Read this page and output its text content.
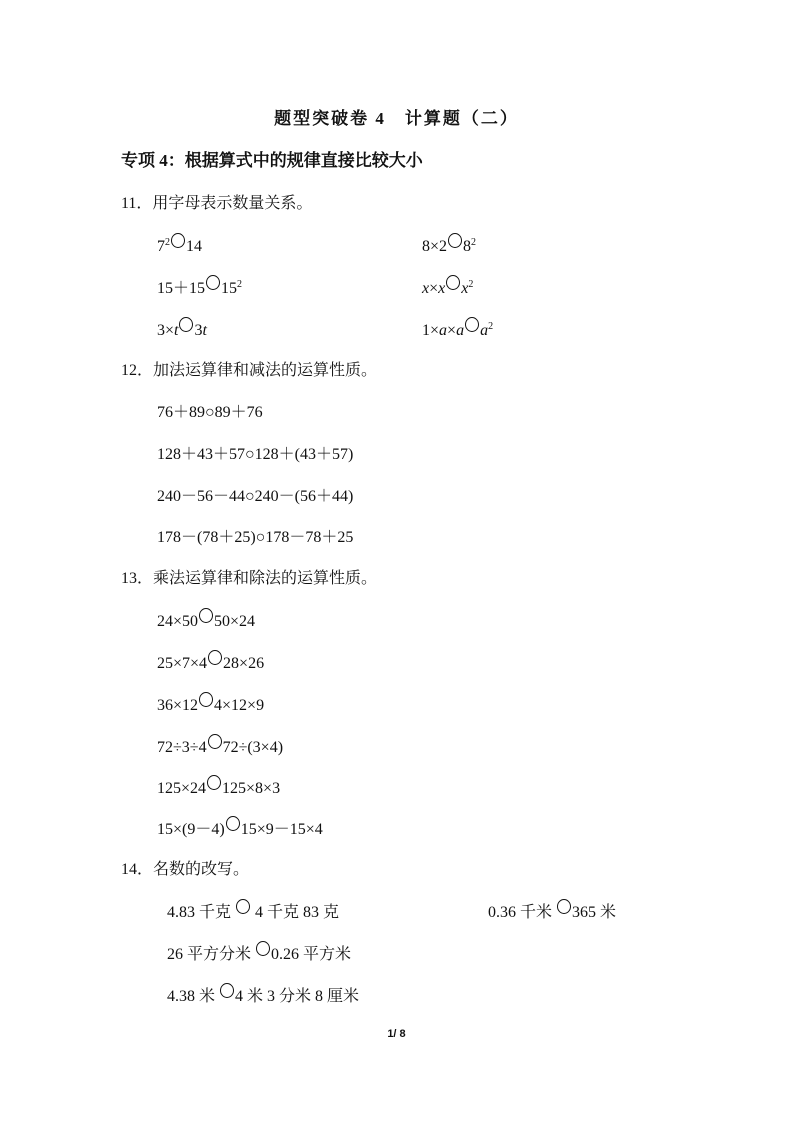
题型突破卷 4　计算题（二）
专项 4：根据算式中的规律直接比较大小
11．用字母表示数量关系。
$7^2$ 14	8×2 $8^2$
15＋15 $15^2$	x×x $x^2$
3×t 3t	1×a×a $a^2$
12．加法运算律和减法的运算性质。
76＋89○89＋76
128＋43＋57○128＋(43＋57)
240－56－44○240－(56＋44)
178－(78＋25)○178－78＋25
13．乘法运算律和除法的运算性质。
24×50 50×24
25×7×4 28×26
36×12 4×12×9
72÷3÷4 72÷(3×4)
125×24 125×8×3
15×(9－4) 15×9－15×4
14．名数的改写。
4.83 千克  4 千克 83 克	0.36 千米 365 米
26 平方分米 0.26 平方米
4.38 米 4 米 3 分米 8 厘米
1/ 8
